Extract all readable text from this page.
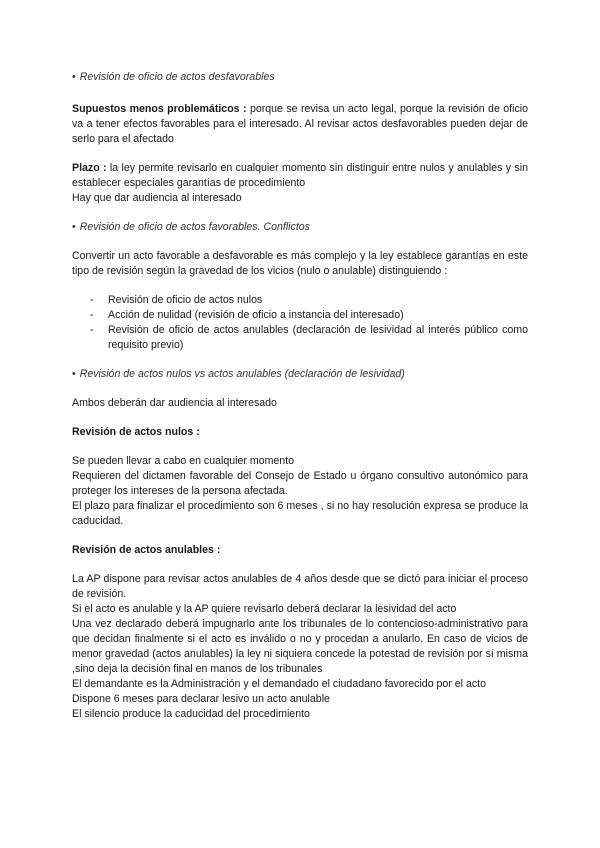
• Revisión de oficio de actos desfavorables

Supuestos menos problemáticos : porque se revisa un acto legal, porque la revisión de oficio va a tener efectos favorables para el interesado. Al revisar actos desfavorables pueden dejar de serlo para el afectado

Plazo : la ley permite revisarlo en cualquier momento sin distinguir entre nulos y anulables y sin establecer especiales garantías de procedimiento
Hay que dar audiencia al interesado

• Revisión de oficio de actos favorables. Conflictos

Convertir un acto favorable a desfavorable es más complejo y la ley establece garantías en este tipo de revisión según la gravedad de los vicios (nulo o anulable) distinguiendo :

- Revisión de oficio de actos nulos
- Acción de nulidad (revisión de oficio a instancia del interesado)
- Revisión de oficio de actos anulables (declaración de lesividad al interés público como requisito previo)

• Revisión de actos nulos vs actos anulables (declaración de lesividad)

Ambos deberán dar audiencia al interesado

Revisión de actos nulos :

Se pueden llevar a cabo en cualquier momento

Requieren del dictamen favorable del Consejo de Estado u órgano consultivo autonómico para proteger los intereses de la persona afectada.

El plazo para finalizar el procedimiento son 6 meses , si no hay resolución expresa se produce la caducidad.

Revisión de actos anulables :

La AP dispone para revisar actos anulables de 4 años desde que se dictó para iniciar el proceso de revisión.

Si el acto es anulable y la AP quiere revisarlo deberá declarar la lesividad del acto

Una vez declarado deberá impugnarlo ante los tribunales de lo contencioso-administrativo para que decidan finalmente si el acto es inválido o no y procedan a anularlo. En caso de vicios de menor gravedad (actos anulables) la ley ni siquiera concede la potestad de revisión por sí misma ,sino deja la decisión final en manos de los tribunales

El demandante es la Administración y el demandado el ciudadano favorecido por el acto

Dispone 6 meses para declarar lesivo un acto anulable

El silencio produce la caducidad del procedimiento
